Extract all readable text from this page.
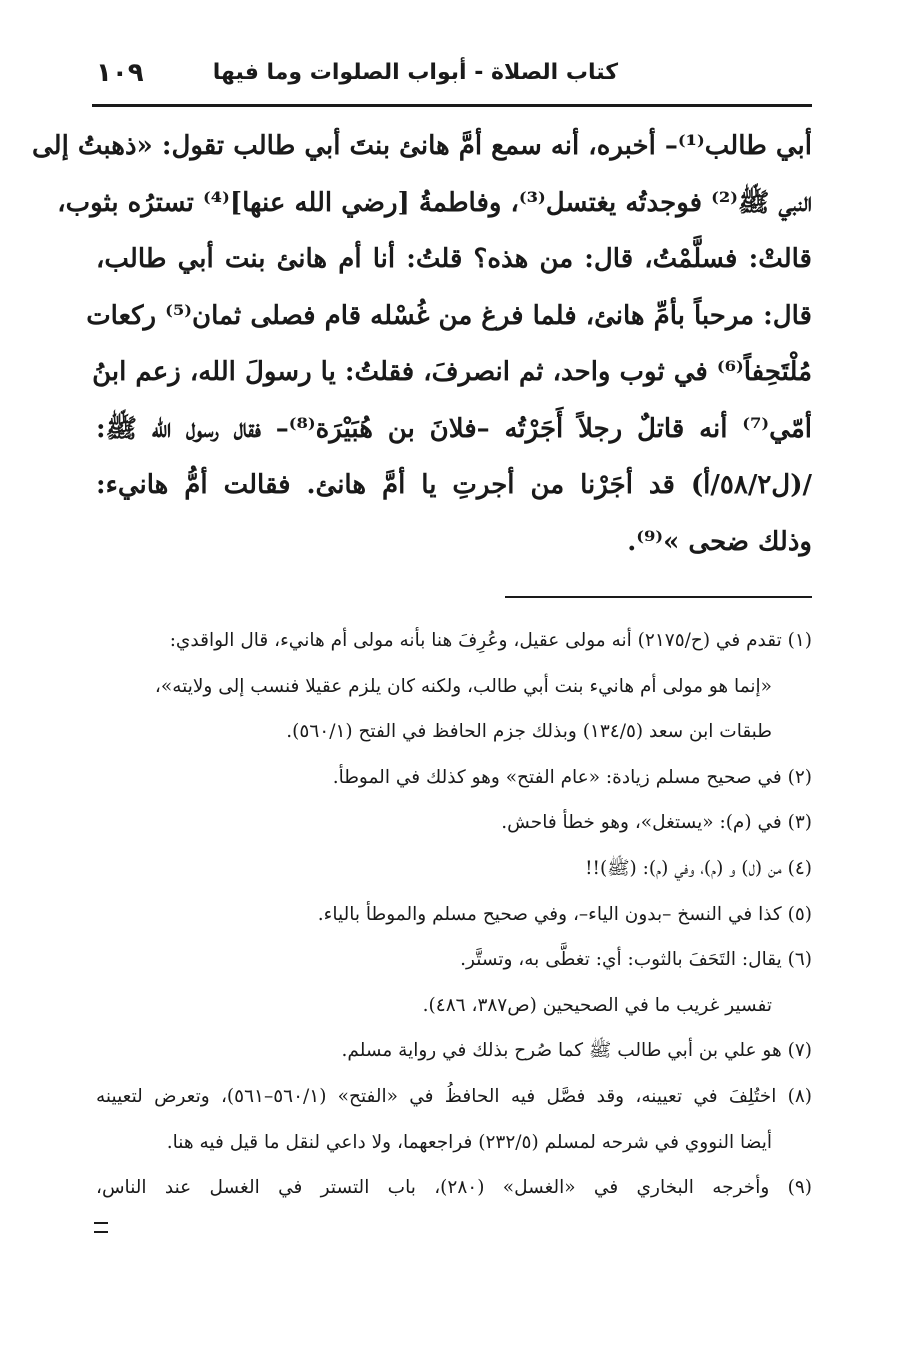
كتاب الصلاة - أبواب الصلوات وما فيها
١٠٩
أبي طالب⁽¹⁾– أخبره، أنه سمع أمَّ هانئ بنتَ أبي طالب تقول: «ذهبتُ إلى
النبي ﷺ⁽²⁾ فوجدتُه يغتسل⁽³⁾، وفاطمةُ [رضي الله عنها]⁽⁴⁾ تسترُه بثوب،
قالتْ: فسلَّمْتُ، قال: من هذه؟ قلتُ: أنا أم هانئ بنت أبي طالب،
قال: مرحباً بأمِّ هانئ، فلما فرغ من غُسْله قام فصلى ثمان⁽⁵⁾ ركعات
مُلْتَحِفاً⁽⁶⁾ في ثوب واحد، ثم انصرفَ، فقلتُ: يا رسولَ الله، زعم ابنُ
أمّي⁽⁷⁾ أنه قاتلٌ رجلاً أَجَرْتُه –فلانَ بن هُبَيْرَة⁽⁸⁾– فقال رسول الله ﷺ:
/(ل٥٨/٢/أ) قد أجَرْنا من أجرتِ يا أمَّ هانئ. فقالت أمُّ هانيء:
وذلك ضحى »⁽⁹⁾.
(١) تقدم في (ح/٢١٧٥) أنه مولى عقيل، وعُرِفَ هنا بأنه مولى أم هانيء، قال الواقدي:
«إنما هو مولى أم هانيء بنت أبي طالب، ولكنه كان يلزم عقيلا فنسب إلى ولايته»،
طبقات ابن سعد (١٣٤/٥) وبذلك جزم الحافظ في الفتح (٥٦٠/١).
(٢) في صحيح مسلم زيادة: «عام الفتح» وهو كذلك في الموطأ.
(٣) في (م): «يستغل»، وهو خطأ فاحش.
(٤) من (ل) و (م)، وفي (م): (ﷺ)!!
(٥) كذا في النسخ –بدون الياء–، وفي صحيح مسلم والموطأ بالياء.
(٦) يقال: التَحَفَ بالثوب: أي: تغطَّى به، وتستَّر.
تفسير غريب ما في الصحيحين (ص٣٨٧، ٤٨٦).
(٧) هو علي بن أبي طالب ﷺ كما صُرح بذلك في رواية مسلم.
(٨) اختُلِفَ في تعيينه، وقد فصَّل فيه الحافظُ في «الفتح» (٥٦٠/١–٥٦١)، وتعرض لتعيينه
أيضا النووي في شرحه لمسلم (٢٣٢/٥) فراجعهما، ولا داعي لنقل ما قيل فيه هنا.
(٩) وأخرجه البخاري في «الغسل» (٢٨٠)، باب التستر في الغسل عند الناس،
